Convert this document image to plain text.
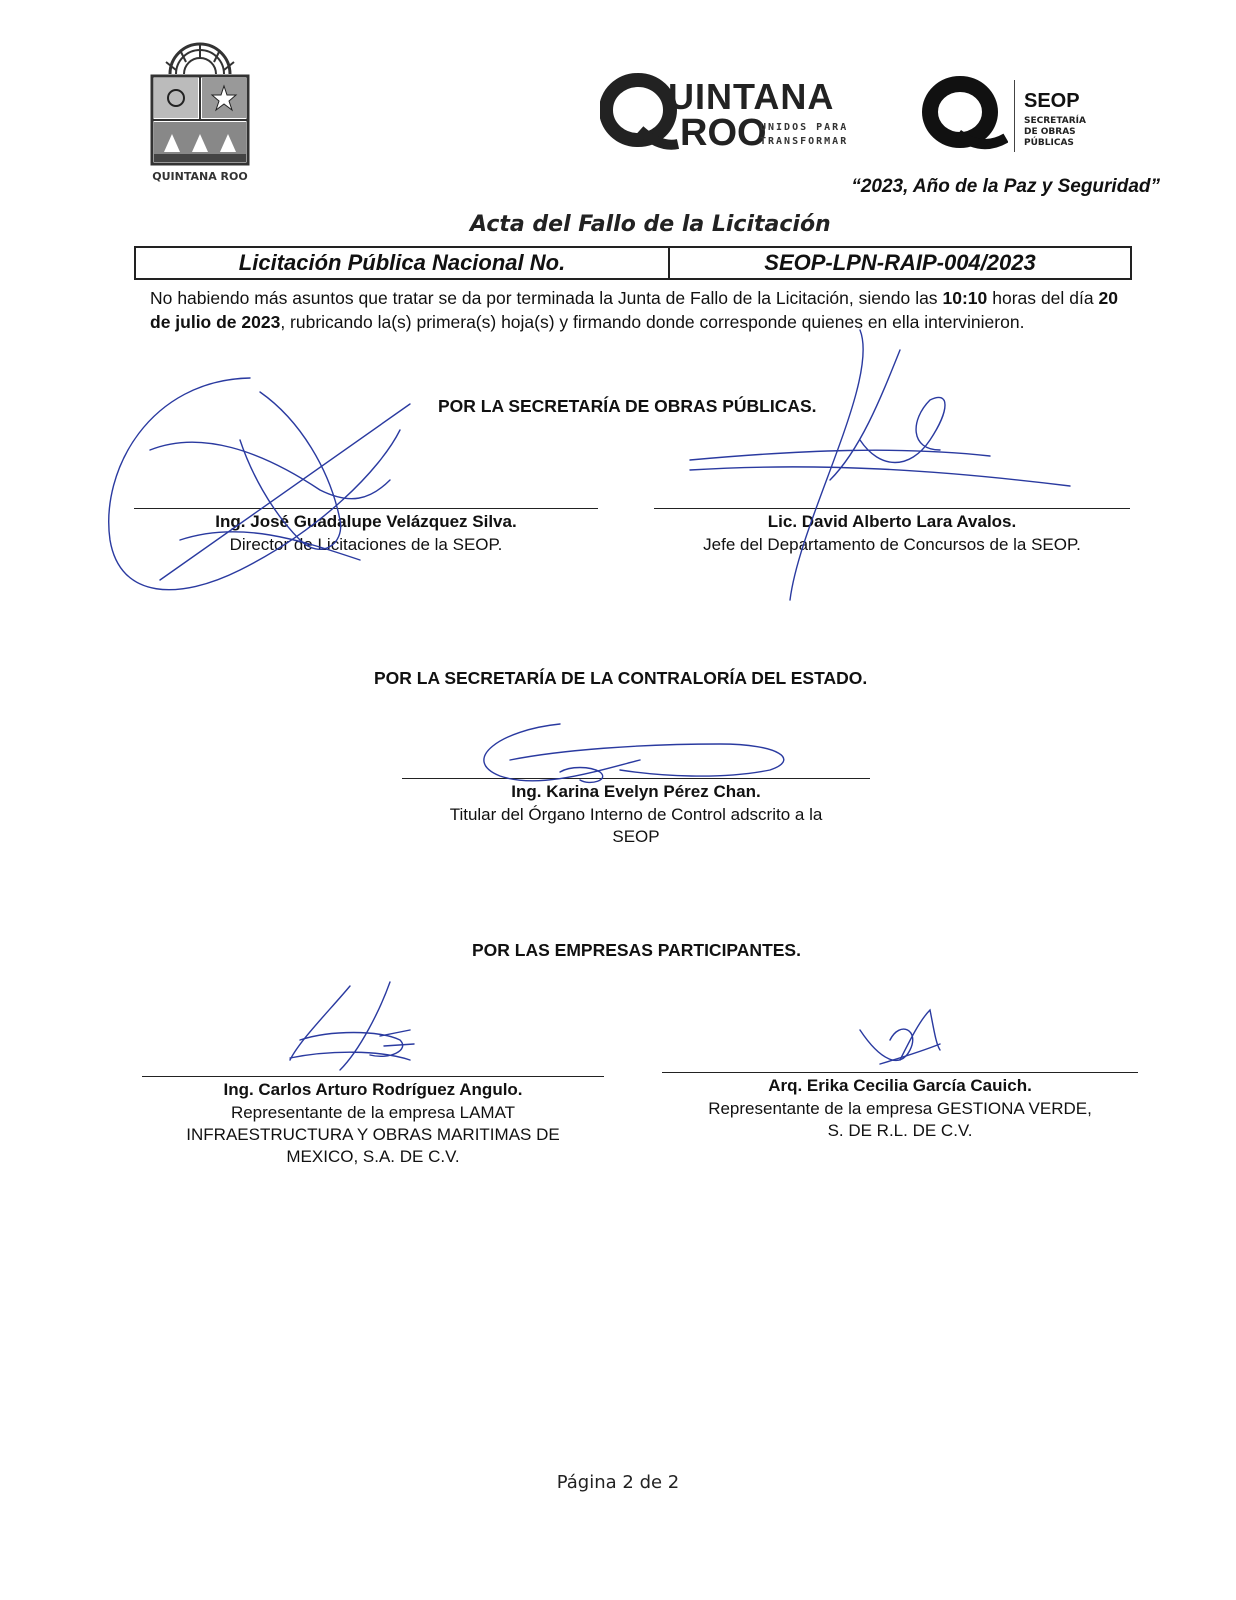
QUINTANA ROO
UINTANA
ROO
UNIDOS PARA
TRANSFORMAR
SEOP
SECRETARÍA
DE OBRAS
PÚBLICAS
“2023, Año de la Paz y Seguridad”
Acta del Fallo de la Licitación
Licitación Pública Nacional No.	SEOP-LPN-RAIP-004/2023
No habiendo más asuntos que tratar se da por terminada la Junta de Fallo de la Licitación, siendo las 10:10 horas del día 20 de julio de 2023, rubricando la(s) primera(s) hoja(s) y firmando donde corresponde quienes en ella intervinieron.
POR LA SECRETARÍA DE OBRAS PÚBLICAS.
Ing. José Guadalupe Velázquez Silva.
Director de Licitaciones de la SEOP.
Lic. David Alberto Lara Avalos.
Jefe del Departamento de Concursos de la SEOP.
POR LA SECRETARÍA DE LA CONTRALORÍA DEL ESTADO.
Ing. Karina Evelyn Pérez Chan.
Titular del Órgano Interno de Control adscrito a la
SEOP
POR LAS EMPRESAS PARTICIPANTES.
Ing. Carlos Arturo Rodríguez Angulo.
Representante de la empresa LAMAT
INFRAESTRUCTURA Y OBRAS MARITIMAS DE
MEXICO, S.A. DE C.V.
Arq. Erika Cecilia García Cauich.
Representante de la empresa GESTIONA VERDE,
S. DE R.L. DE C.V.
Página 2 de 2
